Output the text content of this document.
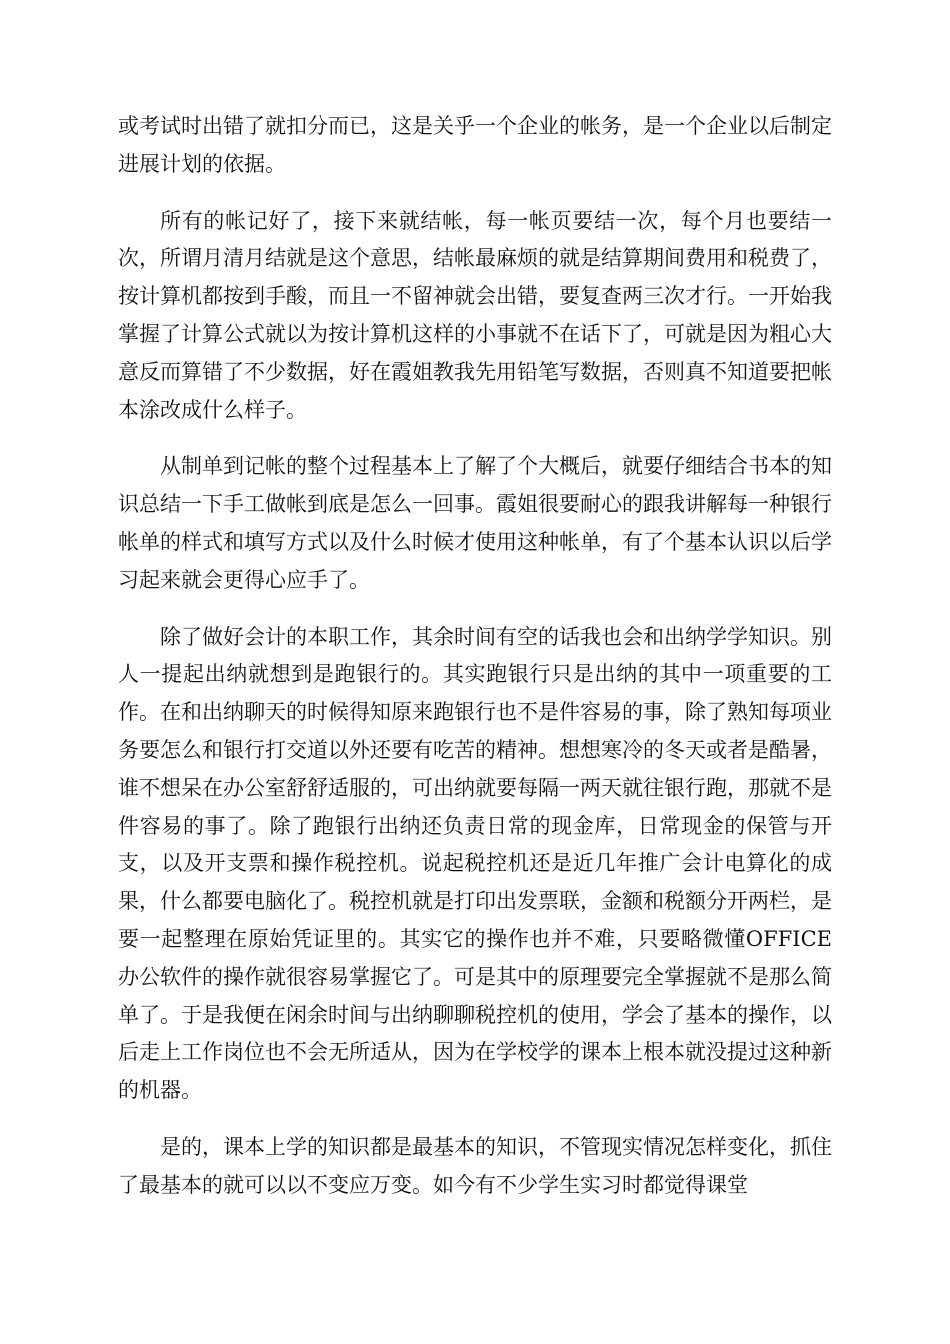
或考试时出错了就扣分而已，这是关乎一个企业的帐务，是一个企业以后制定进展计划的依据。

所有的帐记好了，接下来就结帐，每一帐页要结一次，每个月也要结一次，所谓月清月结就是这个意思，结帐最麻烦的就是结算期间费用和税费了，按计算机都按到手酸，而且一不留神就会出错，要复查两三次才行。一开始我掌握了计算公式就以为按计算机这样的小事就不在话下了，可就是因为粗心大意反而算错了不少数据，好在霞姐教我先用铅笔写数据，否则真不知道要把帐本涂改成什么样子。

从制单到记帐的整个过程基本上了解了个大概后，就要仔细结合书本的知识总结一下手工做帐到底是怎么一回事。霞姐很要耐心的跟我讲解每一种银行帐单的样式和填写方式以及什么时候才使用这种帐单，有了个基本认识以后学习起来就会更得心应手了。

除了做好会计的本职工作，其余时间有空的话我也会和出纳学学知识。别人一提起出纳就想到是跑银行的。其实跑银行只是出纳的其中一项重要的工作。在和出纳聊天的时候得知原来跑银行也不是件容易的事，除了熟知每项业务要怎么和银行打交道以外还要有吃苦的精神。想想寒冷的冬天或者是酷暑，谁不想呆在办公室舒舒适服的，可出纳就要每隔一两天就往银行跑，那就不是件容易的事了。除了跑银行出纳还负责日常的现金库，日常现金的保管与开支，以及开支票和操作税控机。说起税控机还是近几年推广会计电算化的成果，什么都要电脑化了。税控机就是打印出发票联，金额和税额分开两栏，是要一起整理在原始凭证里的。其实它的操作也并不难，只要略微懂OFFICE办公软件的操作就很容易掌握它了。可是其中的原理要完全掌握就不是那么简单了。于是我便在闲余时间与出纳聊聊税控机的使用，学会了基本的操作，以后走上工作岗位也不会无所适从，因为在学校学的课本上根本就没提过这种新的机器。

是的，课本上学的知识都是最基本的知识，不管现实情况怎样变化，抓住了最基本的就可以以不变应万变。如今有不少学生实习时都觉得课堂
